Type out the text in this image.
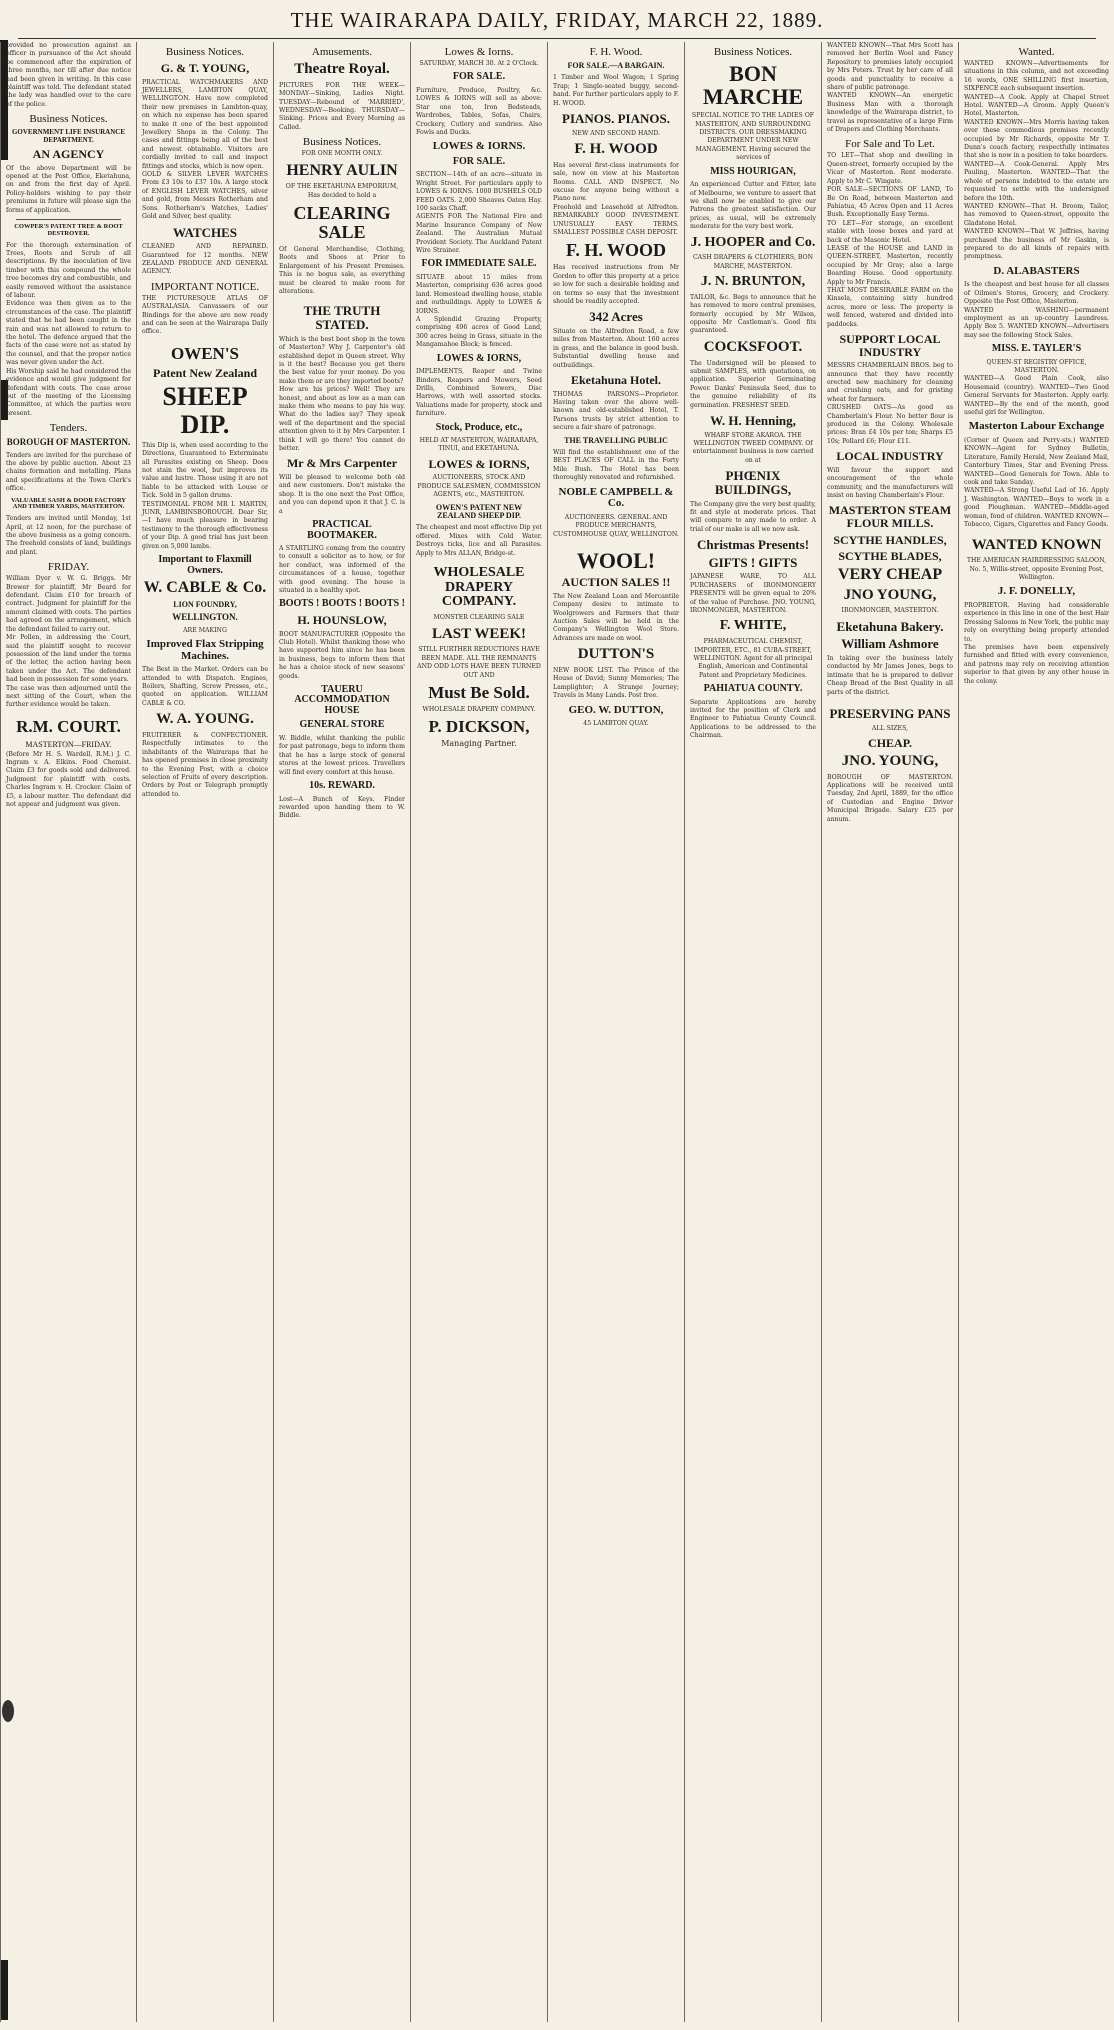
THE WAIRARAPA DAILY, FRIDAY, MARCH 22, 1889.
provided no prosecution against an officer in pursuance of the Act should be commenced after the expiration of three months, nor till after due notice had been given in writing. In this case plaintiff was told. The defendant stated the lady was handled over to the care of the police.
Business Notices.
GOVERNMENT LIFE INSURANCE DEPARTMENT.
AN AGENCY
Of the above Department will be opened at the Post Office, Eketahuna, on and from the first day of April. Policy-holders wishing to pay their premiums in future will please sign the forms of application.
COWPER'S PATENT TREE & ROOT DESTROYER.
For the thorough extermination of Trees, Roots and Scrub of all descriptions. By the inoculation of live timber with this compound the whole tree becomes dry and combustible, and easily removed without the assistance of labour.
Evidence was then given as to the circumstances of the case. The plaintiff stated that he had been caught in the rain and was not allowed to return to the hotel. The defence argued that the facts of the case were not as stated by the counsel, and that the proper notice was never given under the Act.
His Worship said he had considered the evidence and would give judgment for defendant with costs. The case arose out of the meeting of the Licensing Committee, at which the parties were present.
Tenders.
BOROUGH OF MASTERTON.
Tenders are invited for the purchase of the above by public auction. About 23 chains formation and metalling. Plans and specifications at the Town Clerk's office.
VALUABLE SASH & DOOR FACTORY AND TIMBER YARDS, MASTERTON.
Tenders are invited until Monday, 1st April, at 12 noon, for the purchase of the above business as a going concern. The freehold consists of land, buildings and plant.
FRIDAY.
William Dyer v. W. G. Briggs. Mr Brewer for plaintiff, Mr Beard for defendant. Claim £10 for breach of contract. Judgment for plaintiff for the amount claimed with costs. The parties had agreed on the arrangement, which the defendant failed to carry out.
Mr Pollen, in addressing the Court, said the plaintiff sought to recover possession of the land under the terms of the letter, the action having been taken under the Act. The defendant had been in possession for some years.
The case was then adjourned until the next sitting of the Court, when the further evidence would be taken.
R.M. COURT.
MASTERTON—FRIDAY.
(Before Mr H. S. Wardell, R.M.) J. C. Ingram v. A. Elkins. Food Chemist. Claim £3 for goods sold and delivered. Judgment for plaintiff with costs. Charles Ingram v. H. Crocker. Claim of £5, a labour matter. The defendant did not appear and judgment was given.
Business Notices.
G. & T. YOUNG,
PRACTICAL WATCHMAKERS AND JEWELLERS, LAMBTON QUAY, WELLINGTON. Have now completed their new premises in Lambton-quay, on which no expense has been spared to make it one of the best appointed Jewellery Shops in the Colony. The cases and fittings being all of the best and newest obtainable. Visitors are cordially invited to call and inspect fittings and stocks, which is now open.
GOLD & SILVER LEVER WATCHES From £3 10s to £37 10s. A large stock of ENGLISH LEVER WATCHES, silver and gold, from Messrs Rotherham and Sons. Rotherham's Watches, Ladies' Gold and Silver, best quality.
WATCHES
CLEANED AND REPAIRED. Guaranteed for 12 months. NEW ZEALAND PRODUCE AND GENERAL AGENCY.
IMPORTANT NOTICE.
THE PICTURESQUE ATLAS OF AUSTRALASIA. Canvassers of our Bindings for the above are now ready and can be seen at the Wairarapa Daily office.
OWEN'S
Patent New Zealand
SHEEP DIP.
This Dip is, when used according to the Directions, Guaranteed to Exterminate all Parasites existing on Sheep. Does not stain the wool, but improves its value and lustre. Those using it are not liable to be attacked with Louse or Tick. Sold in 5 gallon drums.
TESTIMONIAL FROM MR I. MARTIN, JUNR, LAMBINSBOROUGH. Dear Sir,—I have much pleasure in bearing testimony to the thorough effectiveness of your Dip. A good trial has just been given on 5,000 lambs.
Important to Flaxmill Owners.
W. CABLE & Co.
LION FOUNDRY,
WELLINGTON.
ARE MAKING
Improved Flax Stripping Machines.
The Best in the Market. Orders can be attended to with Dispatch. Engines, Boilers, Shafting, Screw Presses, etc., quoted on application. WILLIAM CABLE & CO.
W. A. YOUNG.
FRUITERER & CONFECTIONER. Respectfully intimates to the inhabitants of the Wairarapa that he has opened premises in close proximity to the Evening Post, with a choice selection of Fruits of every description. Orders by Post or Telegraph promptly attended to.
Amusements.
Theatre Royal.
PICTURES FOR THE WEEK— MONDAY—Sinking, Ladies Night. TUESDAY—Rebound of 'MARRIED', WEDNESDAY—Booking. THURSDAY—Sinking. Prices and Every Morning as Called.
Business Notices.
FOR ONE MONTH ONLY.
HENRY AULIN
OF THE EKETAHUNA EMPORIUM, Has decided to hold a
CLEARING SALE
Of General Merchandise, Clothing, Boots and Shoes at Prior to Enlargement of his Present Premises. This is no bogus sale, as everything must be cleared to make room for alterations.
THE TRUTH STATED.
Which is the best boot shop in the town of Masterton? Why J. Carpenter's old established depot in Queen street. Why is it the best? Because you get there the best value for your money. Do you make them or are they imported boots?
How are his prices? Well! They are honest, and about as low as a man can make them who means to pay his way. What do the ladies say? They speak well of the department and the special attention given to it by Mrs Carpenter. I think I will go there! You cannot do better.
Mr & Mrs Carpenter
Will be pleased to welcome both old and new customers. Don't mistake the shop. It is the one next the Post Office, and you can depend upon it that J. C. is a
PRACTICAL BOOTMAKER.
A STARTLING coming from the country to consult a solicitor as to how, or for her conduct, was informed of the circumstances of a house, together with good evening. The house is situated in a healthy spot.
BOOTS ! BOOTS ! BOOTS !
H. HOUNSLOW,
BOOT MANUFACTURER (Opposite the Club Hotel). Whilst thanking those who have supported him since he has been in business, begs to inform them that he has a choice stock of new seasons' goods.
TAUERU ACCOMMODATION HOUSE
GENERAL STORE
W. Biddle, whilst thanking the public for past patronage, begs to inform them that he has a large stock of general stores at the lowest prices. Travellers will find every comfort at this house.
10s. REWARD.
Lost—A Bunch of Keys. Finder rewarded upon handing them to W. Biddle.
Lowes & Iorns.
SATURDAY, MARCH 30. At 2 O'Clock.
FOR SALE.
Furniture, Produce, Poultry, &c. LOWES & IORNS will sell as above: Star one ton, Iron Bedsteads, Wardrobes, Tables, Sofas, Chairs, Crockery, Cutlery and sundries. Also Fowls and Ducks.
LOWES & IORNS.
FOR SALE.
SECTION—14th of an acre—situate in Wright Street. For particulars apply to LOWES & IORNS. 1000 BUSHELS OLD FEED OATS. 2,000 Sheaves Oaten Hay. 100 sacks Chaff.
AGENTS FOR The National Fire and Marine Insurance Company of New Zealand. The Australian Mutual Provident Society. The Auckland Patent Wire Strainer.
FOR IMMEDIATE SALE.
SITUATE about 15 miles from Masterton, comprising 636 acres good land. Homestead dwelling house, stable and outbuildings. Apply to LOWES & IORNS.
A Splendid Grazing Property, comprising 496 acres of Good Land, 300 acres being in Grass, situate in the Mangamahoe Block; is fenced.
LOWES & IORNS,
IMPLEMENTS, Reaper and Twine Binders, Reapers and Mowers, Seed Drills, Combined Sowers, Disc Harrows, with well assorted stocks. Valuations made for property, stock and furniture.
Stock, Produce, etc.,
HELD AT MASTERTON, WAIRARAPA, TINUI, and EKETAHUNA.
LOWES & IORNS,
AUCTIONEERS, STOCK AND PRODUCE SALESMEN, COMMISSION AGENTS, etc., MASTERTON.
OWEN'S PATENT NEW ZEALAND SHEEP DIP.
The cheapest and most effective Dip yet offered. Mixes with Cold Water. Destroys ticks, lice and all Parasites. Apply to Mrs ALLAN, Bridge-st.
WHOLESALE DRAPERY COMPANY.
MONSTER CLEARING SALE
LAST WEEK!
STILL FURTHER REDUCTIONS HAVE BEEN MADE. ALL THE REMNANTS AND ODD LOTS HAVE BEEN TURNED OUT AND
Must Be Sold.
WHOLESALE DRAPERY COMPANY.
P. DICKSON,
Managing Partner.
F. H. Wood.
FOR SALE.—A BARGAIN.
1 Timber and Wool Wagon; 1 Spring Trap; 1 Single-seated buggy, second-hand. For further particulars apply to F. H. WOOD.
PIANOS. PIANOS.
NEW AND SECOND HAND.
F. H. WOOD
Has several first-class instruments for sale, now on view at his Masterton Rooms. CALL AND INSPECT. No excuse for anyone being without a Piano now.
Freehold and Leasehold at Alfredton. REMARKABLY GOOD INVESTMENT. UNUSUALLY EASY TERMS. SMALLEST POSSIBLE CASH DEPOSIT.
F. H. WOOD
Has received instructions from Mr Gordon to offer this property at a price so low for such a desirable holding and on terms so easy that the investment should be readily accepted.
342 Acres
Situate on the Alfredton Road, a few miles from Masterton. About 160 acres in grass, and the balance in good bush. Substantial dwelling house and outbuildings.
Eketahuna Hotel.
THOMAS PARSONS—Proprietor. Having taken over the above well-known and old-established Hotel, T. Parsons trusts by strict attention to secure a fair share of patronage.
THE TRAVELLING PUBLIC
Will find the establishment one of the BEST PLACES OF CALL in the Forty Mile Bush. The Hotel has been thoroughly renovated and refurnished.
NOBLE CAMPBELL & Co.
AUCTIONEERS. GENERAL AND PRODUCE MERCHANTS, CUSTOMHOUSE QUAY, WELLINGTON.
WOOL!
AUCTION SALES !!
The New Zealand Loan and Mercantile Company desire to intimate to Woolgrowers and Farmers that their Auction Sales will be held in the Company's Wellington Wool Store. Advances are made on wool.
DUTTON'S
NEW BOOK LIST. The Prince of the House of David; Sunny Memories; The Lamplighter; A Strange Journey; Travels in Many Lands. Post free.
GEO. W. DUTTON,
45 LAMBTON QUAY.
Business Notices.
BON MARCHE
SPECIAL NOTICE TO THE LADIES OF MASTERTON, AND SURROUNDING DISTRICTS. OUR DRESSMAKING DEPARTMENT UNDER NEW MANAGEMENT. Having secured the services of
MISS HOURIGAN,
An experienced Cutter and Fitter, late of Melbourne, we venture to assert that we shall now be enabled to give our Patrons the greatest satisfaction. Our prices, as usual, will be extremely moderate for the very best work.
J. HOOPER and Co.
CASH DRAPERS & CLOTHIERS, BON MARCHE, MASTERTON.
J. N. BRUNTON,
TAILOR, &c. Begs to announce that he has removed to more central premises, formerly occupied by Mr Wilson, opposite Mr Castleman's. Good fits guaranteed.
COCKSFOOT.
The Undersigned will be pleased to submit SAMPLES, with quotations, on application. Superior Germinating Power. Danks' Peninsula Seed, due to the genuine reliability of its germination. FRESHEST SEED.
W. H. Henning,
WHARF STORE AKAROA. THE WELLINGTON TWEED COMPANY. Of entertainment business is now carried on at
PHŒNIX BUILDINGS,
The Company give the very best quality, fit and style at moderate prices. That will compare to any made to order. A trial of our make is all we now ask.
Christmas Presents!
GIFTS ! GIFTS
JAPANESE WARE, TO ALL PURCHASERS of IRONMONGERY PRESENTS will be given equal to 20% of the value of Purchase. JNO. YOUNG, IRONMONGER, MASTERTON.
F. WHITE,
PHARMACEUTICAL CHEMIST, IMPORTER, ETC., 81 CUBA-STREET, WELLINGTON. Agent for all principal English, American and Continental Patent and Proprietary Medicines.
PAHIATUA COUNTY.
Separate Applications are hereby invited for the position of Clerk and Engineer to Pahiatua County Council. Applications to be addressed to the Chairman.
WANTED KNOWN—That Mrs Scott has removed her Berlin Wool and Fancy Repository to premises lately occupied by Mrs Peters. Trust by her care of all goods and punctuality to receive a share of public patronage.
WANTED KNOWN—An energetic Business Man with a thorough knowledge of the Wairarapa district, to travel as representative of a large Firm of Drapers and Clothing Merchants.
For Sale and To Let.
TO LET—That shop and dwelling in Queen-street, formerly occupied by the Vicar of Masterton. Rent moderate. Apply to Mr C. Wingate.
FOR SALE—SECTIONS OF LAND, To Be On Road, between Masterton and Pahiatua, 45 Acres Open and 11 Acres Bush. Exceptionally Easy Terms.
TO LET—For storage, an excellent stable with loose boxes and yard at back of the Masonic Hotel.
LEASE of the HOUSE and LAND in QUEEN-STREET, Masterton, recently occupied by Mr Gray; also a large Boarding House. Good opportunity. Apply to Mr Francis.
THAT MOST DESIRABLE FARM on the Kinsela, containing sixty hundred acres, more or less. The property is well fenced, watered and divided into paddocks.
SUPPORT LOCAL INDUSTRY
MESSRS CHAMBERLAIN BROS. beg to announce that they have recently erected new machinery for cleaning and crushing oats, and for gristing wheat for farmers.
CRUSHED OATS—As good as Chamberlain's Flour. No better flour is produced in the Colony. Wholesale prices: Bran £4 10s per ton; Sharps £5 10s; Pollard £6; Flour £11.
LOCAL INDUSTRY
Will favour the support and encouragement of the whole community, and the manufacturers will insist on having Chamberlain's Flour.
MASTERTON STEAM FLOUR MILLS.
SCYTHE HANDLES,
SCYTHE BLADES,
VERY CHEAP
JNO YOUNG,
IRONMONGER, MASTERTON.
Eketahuna Bakery.
William Ashmore
In taking over the business lately conducted by Mr James Jones, begs to intimate that he is prepared to deliver Cheap Bread of the Best Quality in all parts of the district.
PRESERVING PANS
ALL SIZES,
CHEAP.
JNO. YOUNG,
BOROUGH OF MASTERTON. Applications will be received until Tuesday, 2nd April, 1889, for the office of Custodian and Engine Driver Municipal Brigade. Salary £25 per annum.
Wanted.
WANTED KNOWN—Advertisements for situations in this column, and not exceeding 16 words, ONE SHILLING first insertion, SIXPENCE each subsequent insertion.
WANTED—A Cook. Apply at Chapel Street Hotel. WANTED—A Groom. Apply Queen's Hotel, Masterton.
WANTED KNOWN—Mrs Morris having taken over these commodious premises recently occupied by Mr Richards, opposite Mr T. Dunn's coach factory, respectfully intimates that she is now in a position to take boarders.
WANTED—A Cook-General. Apply Mrs Pauling, Masterton. WANTED—That the whole of persons indebted to the estate are requested to settle with the undersigned before the 10th.
WANTED KNOWN—That H. Broom, Tailor, has removed to Queen-street, opposite the Gladstone Hotel.
WANTED KNOWN—That W. Jeffries, having purchased the business of Mr Gaskin, is prepared to do all kinds of repairs with promptness.
D. ALABASTERS
Is the cheapest and best house for all classes of Oilmen's Stores, Grocery, and Crockery. Opposite the Post Office, Masterton.
WANTED WASHING—permanent employment as an up-country Laundress. Apply Box 5. WANTED KNOWN—Advertisers may see the following Stock Sales.
MISS. E. TAYLER'S
QUEEN-ST REGISTRY OFFICE, MASTERTON.
WANTED—A Good Plain Cook, also Housemaid (country). WANTED—Two Good General Servants for Masterton. Apply early. WANTED—By the end of the month, good useful girl for Wellington.
Masterton Labour Exchange
(Corner of Queen and Perry-sts.) WANTED KNOWN—Agent for Sydney Bulletin, Literature, Family Herald, New Zealand Mail, Canterbury Times, Star and Evening Press. WANTED—Good Generals for Town. Able to cook and take Sunday.
WANTED—A Strong Useful Lad of 16. Apply J. Washington. WANTED—Boys to work in a good Ploughman. WANTED—Middle-aged woman, fond of children. WANTED KNOWN—Tobacco, Cigars, Cigarettes and Fancy Goods.
WANTED KNOWN
THE AMERICAN HAIRDRESSING SALOON, No. 5, Willis-street, opposite Evening Post, Wellington.
J. F. DONELLY,
PROPRIETOR. Having had considerable experience in this line in one of the best Hair Dressing Saloons in New York, the public may rely on everything being properly attended to.
The premises have been expensively furnished and fitted with every convenience, and patrons may rely on receiving attention superior to that given by any other house in the colony.
